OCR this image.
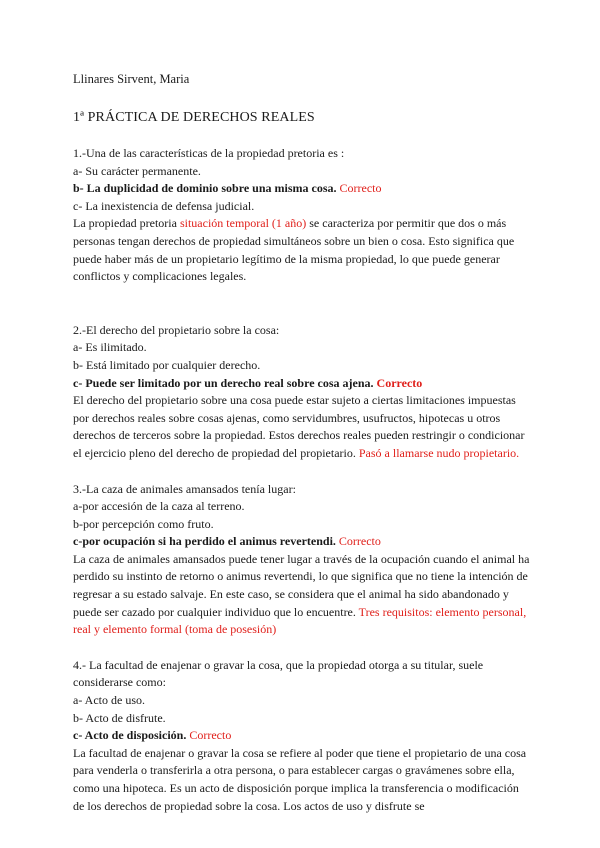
Llinares Sirvent, Maria

1ª PRÁCTICA DE DERECHOS REALES

1.-Una de las características de la propiedad pretoria es :

a- Su carácter permanente.

b- La duplicidad de dominio sobre una misma cosa. Correcto

c- La inexistencia de defensa judicial.

La propiedad pretoria situación temporal (1 año) se caracteriza por permitir que dos o más personas tengan derechos de propiedad simultáneos sobre un bien o cosa. Esto significa que puede haber más de un propietario legítimo de la misma propiedad, lo que puede generar conflictos y complicaciones legales.

2.-El derecho del propietario sobre la cosa:

a- Es ilimitado.

b- Está limitado por cualquier derecho.

c- Puede ser limitado por un derecho real sobre cosa ajena. Correcto

El derecho del propietario sobre una cosa puede estar sujeto a ciertas limitaciones impuestas por derechos reales sobre cosas ajenas, como servidumbres, usufructos, hipotecas u otros derechos de terceros sobre la propiedad. Estos derechos reales pueden restringir o condicionar el ejercicio pleno del derecho de propiedad del propietario. Pasó a llamarse nudo propietario.

3.-La caza de animales amansados tenía lugar:

a-por accesión de la caza al terreno.

b-por percepción como fruto.

c-por ocupación si ha perdido el animus revertendi. Correcto

La caza de animales amansados puede tener lugar a través de la ocupación cuando el animal ha perdido su instinto de retorno o animus revertendi, lo que significa que no tiene la intención de regresar a su estado salvaje. En este caso, se considera que el animal ha sido abandonado y puede ser cazado por cualquier individuo que lo encuentre. Tres requisitos: elemento personal, real y elemento formal (toma de posesión)

4.- La facultad de enajenar o gravar la cosa, que la propiedad otorga a su titular, suele considerarse como:

a- Acto de uso.

b- Acto de disfrute.

c- Acto de disposición. Correcto

La facultad de enajenar o gravar la cosa se refiere al poder que tiene el propietario de una cosa para venderla o transferirla a otra persona, o para establecer cargas o gravámenes sobre ella, como una hipoteca. Es un acto de disposición porque implica la transferencia o modificación de los derechos de propiedad sobre la cosa. Los actos de uso y disfrute se
